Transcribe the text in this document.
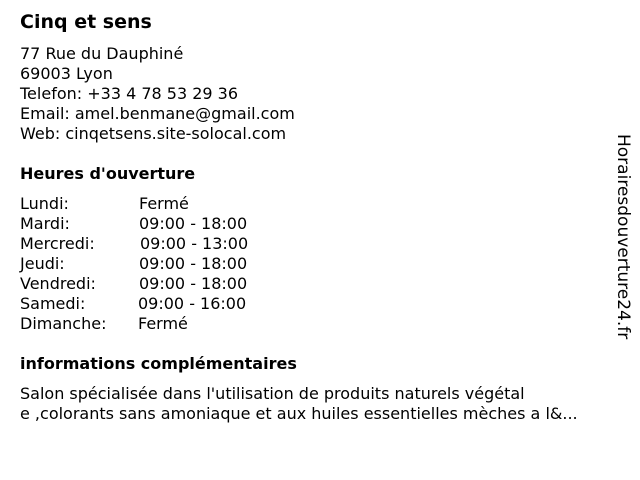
Cinq et sens
77 Rue du Dauphiné
69003 Lyon
Telefon: +33 4 78 53 29 36
Email: amel.benmane@gmail.com
Web: cinqetsens.site-solocal.com
Heures d'ouverture
Lundi:	Fermé
Mardi:	09:00 - 18:00
Mercredi:	09:00 - 13:00
Jeudi:	09:00 - 18:00
Vendredi:	09:00 - 18:00
Samedi:	09:00 - 16:00
Dimanche: Fermé
informations complémentaires
Salon spécialisée dans l'utilisation de produits naturels végétal
e ,colorants sans amoniaque et aux huiles essentielles mèches a l&...
Horairesdouverture24.fr
